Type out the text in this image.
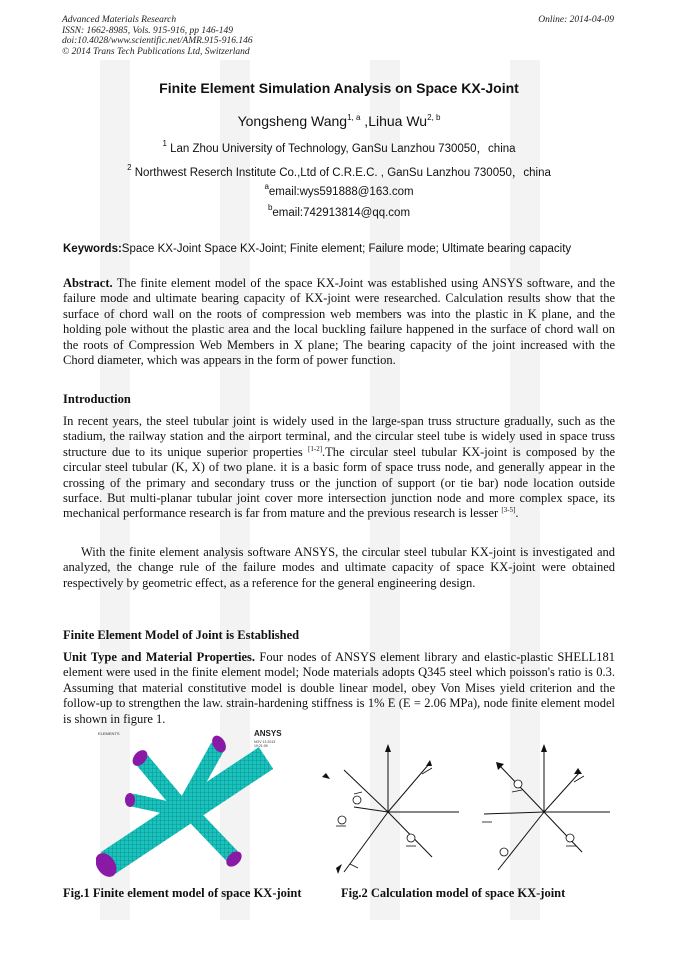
Advanced Materials Research
ISSN: 1662-8985, Vols. 915-916, pp 146-149
doi:10.4028/www.scientific.net/AMR.915-916.146
© 2014 Trans Tech Publications Ltd, Switzerland
Online: 2014-04-09
Finite Element Simulation Analysis on Space KX-Joint
Yongsheng Wang$^{1, a}$ ,Lihua Wu$^{2, b}$
$^1$ Lan Zhou University of Technology, GanSu Lanzhou 730050，china
$^2$ Northwest Reserch Institute Co.,Ltd of C.R.E.C. , GanSu Lanzhou 730050，china
$^a$email:wys591888@163.com
$^b$email:742913814@qq.com
Keywords:Space KX-Joint Space KX-Joint; Finite element; Failure mode; Ultimate bearing capacity

Abstract. The finite element model of the space KX-Joint was established using ANSYS software, and the failure mode and ultimate bearing capacity of KX-joint were researched. Calculation results show that the surface of chord wall on the roots of compression web members was into the plastic in K plane, and the holding pole without the plastic area and the local buckling failure happened in the surface of chord wall on the roots of Compression Web Members in X plane; The bearing capacity of the joint increased with the Chord diameter, which was appears in the form of power function.

Introduction

In recent years, the steel tubular joint is widely used in the large-span truss structure gradually, such as the stadium, the railway station and the airport terminal, and the circular steel tube is widely used in space truss structure due to its unique superior properties [1-2].The circular steel tubular KX-joint is composed by the circular steel tubular (K, X) of two plane. it is a basic form of space truss node, and generally appear in the crossing of the primary and secondary truss or the junction of support (or tie bar) node location outside surface. But multi-planar tubular joint cover more intersection junction node and more complex space, its mechanical performance research is far from mature and the previous research is lesser [3-5].

With the finite element analysis software ANSYS, the circular steel tubular KX-joint is investigated and analyzed, the change rule of the failure modes and ultimate capacity of space KX-joint were obtained respectively by geometric effect, as a reference for the general engineering design.

Finite Element Model of Joint is Established

Unit Type and Material Properties. Four nodes of ANSYS element library and elastic-plastic SHELL181 element were used in the finite element model; Node materials adopts Q345 steel which poisson's ratio is 0.3. Assuming that material constitutive model is double linear model, obey Von Mises yield criterion and the follow-up to strengthen the law. strain-hardening stiffness is 1% E (E = 2.06 MPa), node finite element model is shown in figure 1.

ELEMENTS	ANSYS
NOV 13 2013
19:21:09
Fig.1 Finite element model of space KX-joint	Fig.2 Calculation model of space KX-joint
